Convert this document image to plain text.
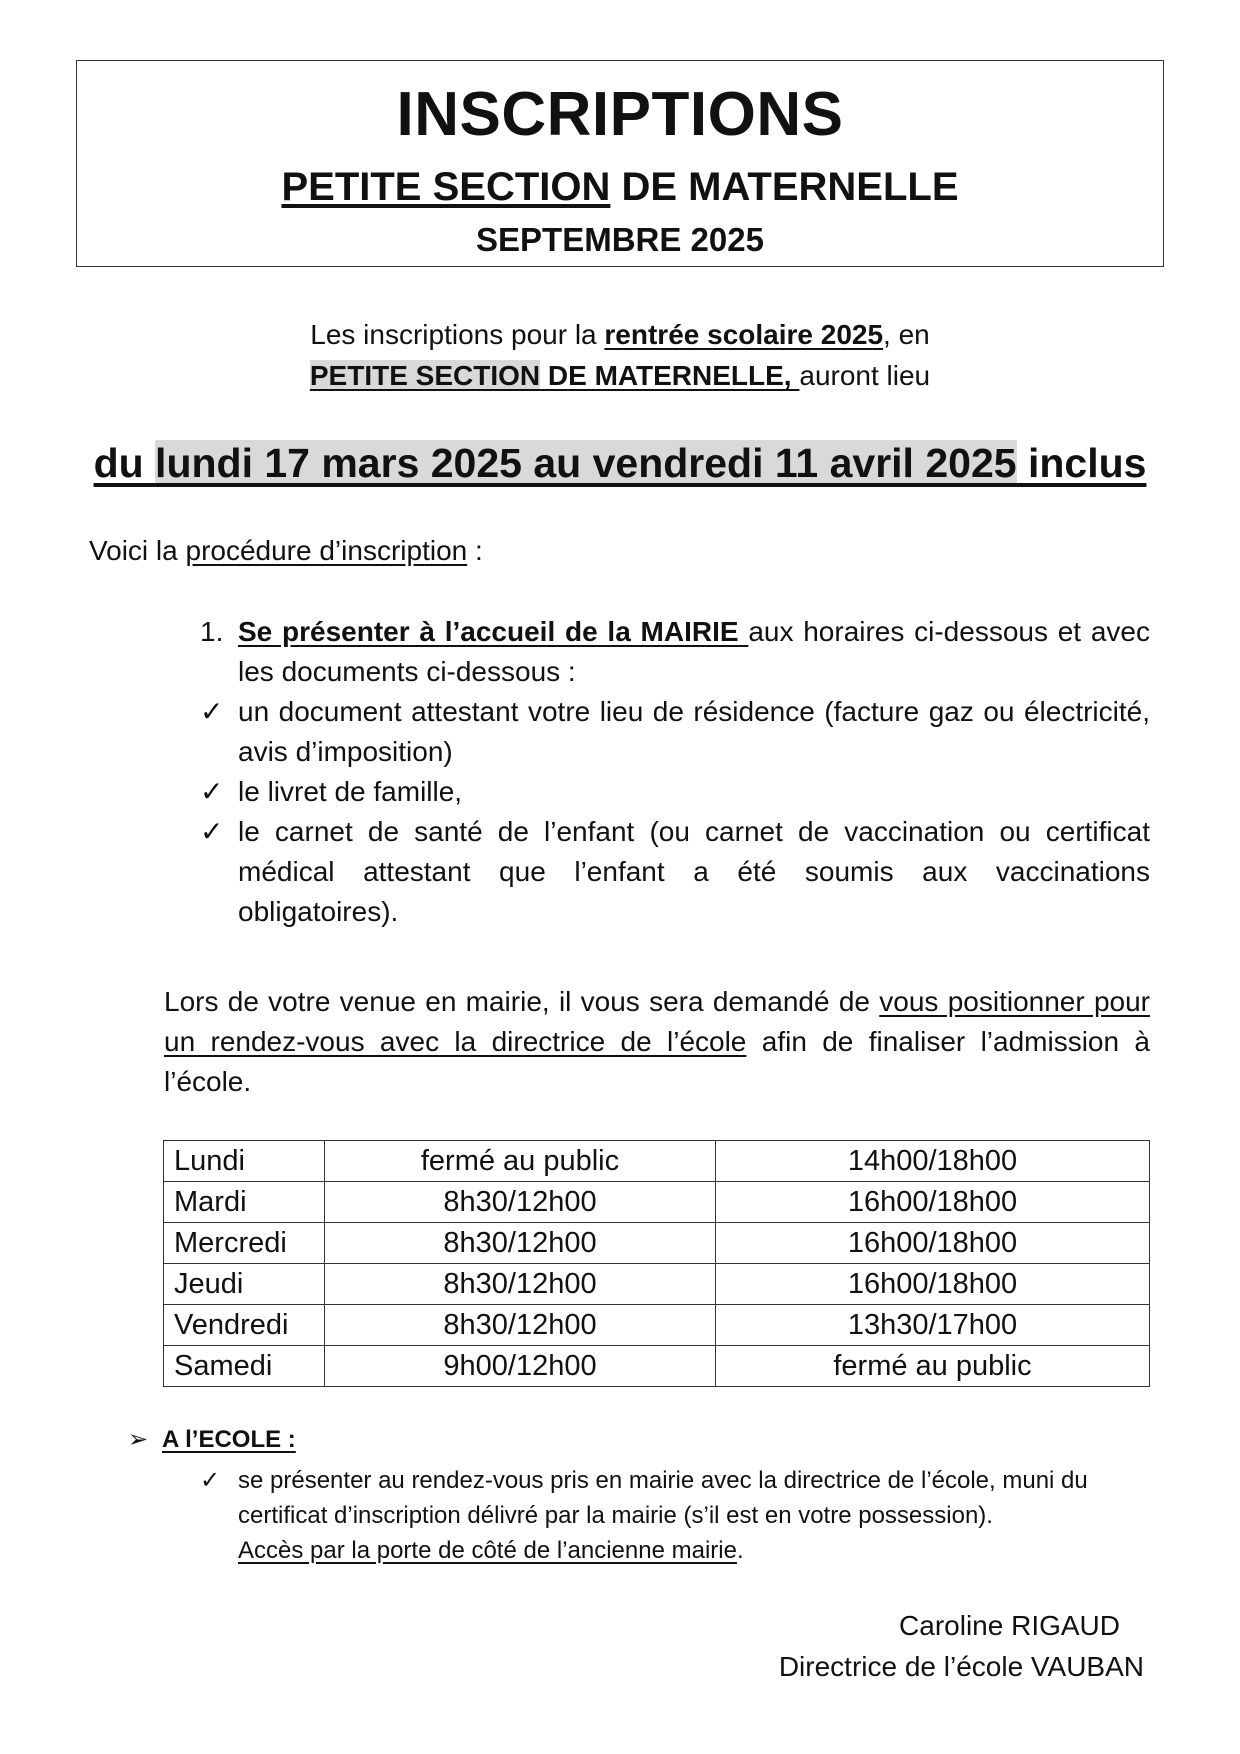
INSCRIPTIONS
PETITE SECTION DE MATERNELLE
SEPTEMBRE 2025
Les inscriptions pour la rentrée scolaire 2025, en
PETITE SECTION DE MATERNELLE, auront lieu
du lundi 17 mars 2025 au vendredi 11 avril 2025 inclus
Voici la procédure d’inscription :
1. Se présenter à l’accueil de la MAIRIE aux horaires ci-dessous et avec les documents ci-dessous :
✓ un document attestant votre lieu de résidence (facture gaz ou électricité, avis d’imposition)
✓ le livret de famille,
✓ le carnet de santé de l’enfant (ou carnet de vaccination ou certificat médical attestant que l’enfant a été soumis aux vaccinations obligatoires).
Lors de votre venue en mairie, il vous sera demandé de vous positionner pour un rendez-vous avec la directrice de l’école afin de finaliser l’admission à l’école.
Lundi	fermé au public	14h00/18h00
Mardi	8h30/12h00	16h00/18h00
Mercredi	8h30/12h00	16h00/18h00
Jeudi	8h30/12h00	16h00/18h00
Vendredi	8h30/12h00	13h30/17h00
Samedi	9h00/12h00	fermé au public
➢ A l’ECOLE :
✓ se présenter au rendez-vous pris en mairie avec la directrice de l’école, muni du certificat d’inscription délivré par la mairie (s’il est en votre possession).
Accès par la porte de côté de l’ancienne mairie.
Caroline RIGAUD
Directrice de l’école VAUBAN
